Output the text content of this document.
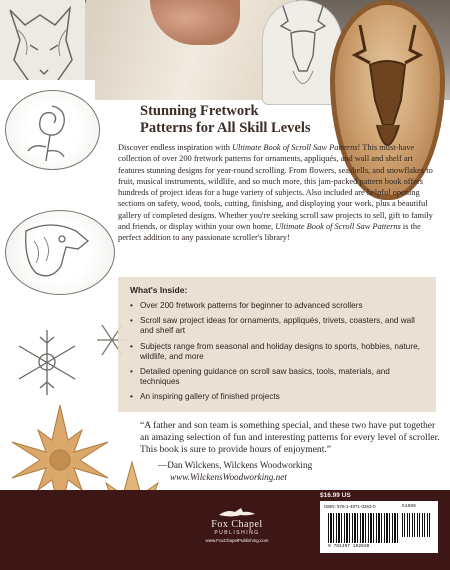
Stunning Fretwork
Patterns for All Skill Levels

Discover endless inspiration with Ultimate Book of Scroll Saw Patterns! This must-have collection of over 200 fretwork patterns for ornaments, appliqués, and wall and shelf art features stunning designs for year-round scrolling. From flowers, seashells, and snowflakes to fruit, musical instruments, wildlife, and so much more, this jam-packed pattern book offers hundreds of project ideas for a huge variety of subjects. Also included are helpful opening sections on safety, wood, tools, cutting, finishing, and displaying your work, plus a beautiful gallery of completed designs. Whether you're seeking scroll saw projects to sell, gift to family and friends, or display within your own home, Ultimate Book of Scroll Saw Patterns is the perfect addition to any passionate scroller's library!

What's Inside:
• Over 200 fretwork patterns for beginner to advanced scrollers
• Scroll saw project ideas for ornaments, appliqués, trivets, coasters, and wall and shelf art
• Subjects range from seasonal and holiday designs to sports, hobbies, nature, wildlife, and more
• Detailed opening guidance on scroll saw basics, tools, materials, and techniques
• An inspiring gallery of finished projects

“A father and son team is something special, and these two have put together an amazing selection of fun and interesting patterns for every level of scroller. This book is sure to provide hours of enjoyment.”

—Dan Wilckens, Wilckens Woodworking
www.WilckensWoodworking.net
Fox Chapel
PUBLISHING
www.FoxChapelPublishing.com
$16.99 US
ISBN: 978-1-4971-0263-0	51699
9 781497 102630
